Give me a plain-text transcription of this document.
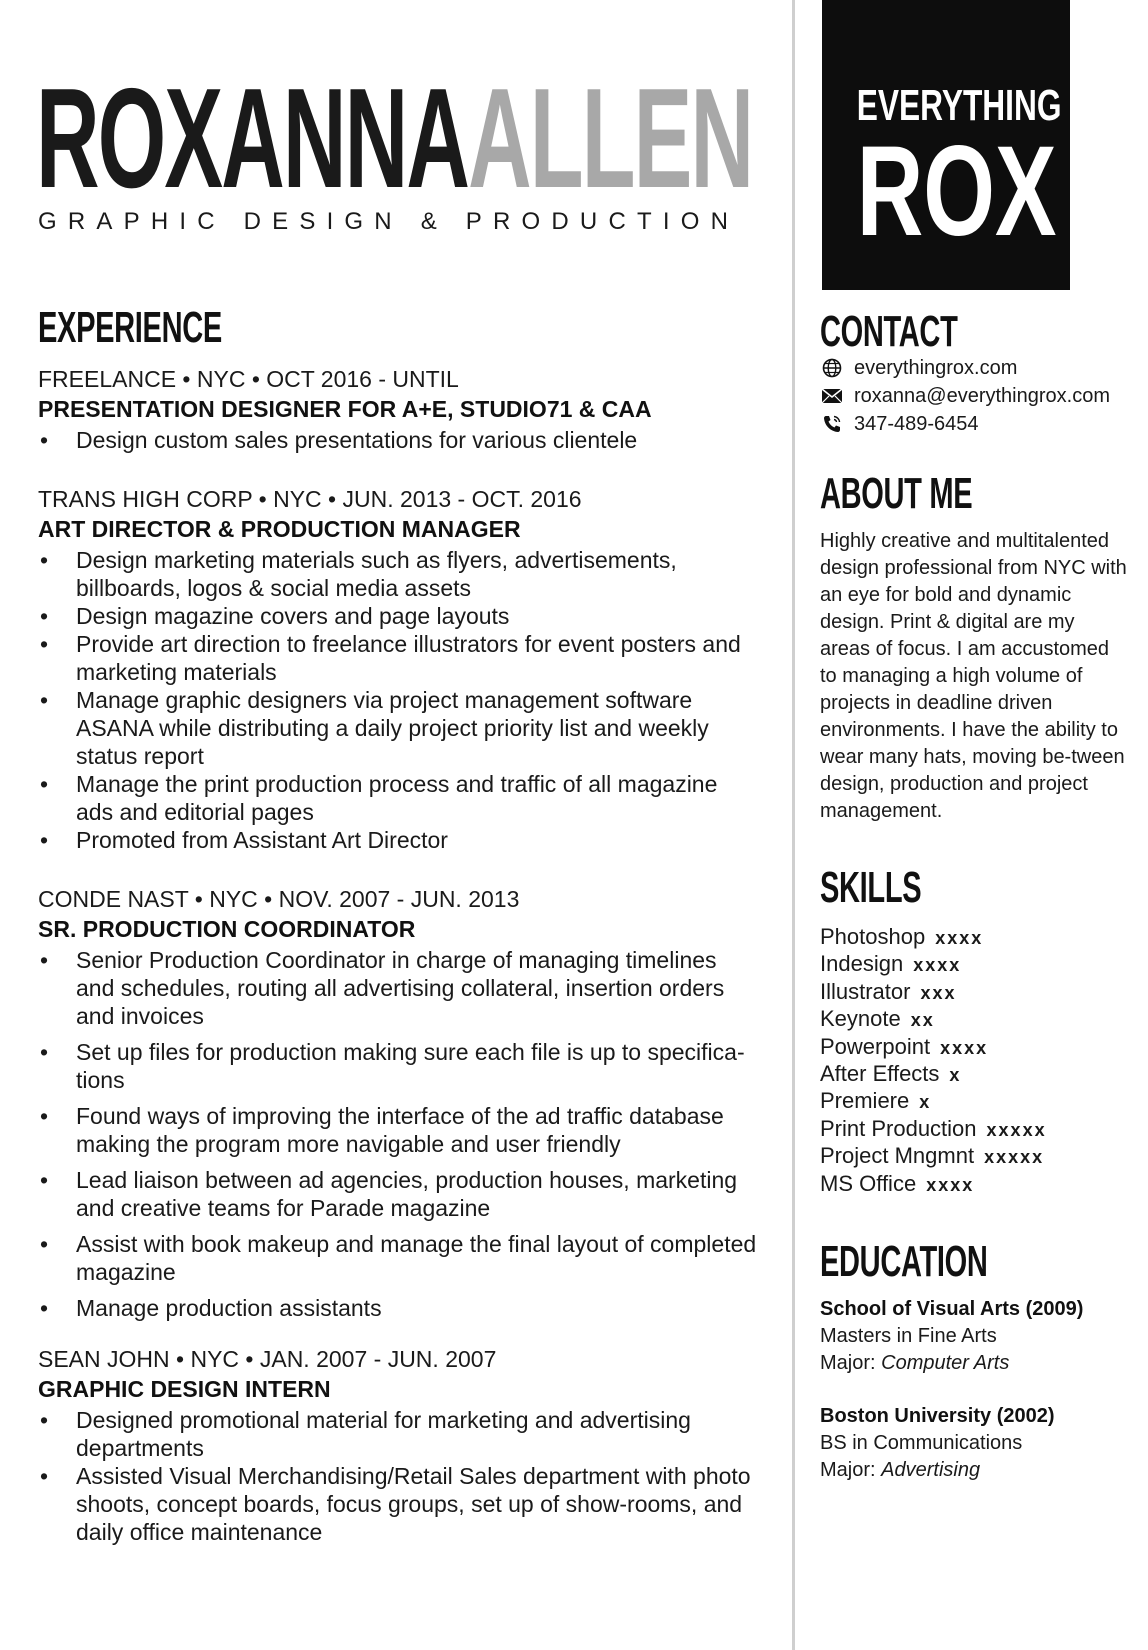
ROXANNAALLEN
GRAPHIC DESIGN & PRODUCTION
EVERYTHING
ROX
EXPERIENCE
FREELANCE • NYC • OCT 2016 - UNTIL
PRESENTATION DESIGNER FOR A+E, STUDIO71 & CAA
• Design custom sales presentations for various clientele
TRANS HIGH CORP • NYC • JUN. 2013 - OCT. 2016
ART DIRECTOR & PRODUCTION MANAGER
• Design marketing materials such as flyers, advertisements, billboards, logos & social media assets
• Design magazine covers and page layouts
• Provide art direction to freelance illustrators for event posters and marketing materials
• Manage graphic designers via project management software ASANA while distributing a daily project priority list and weekly status report
• Manage the print production process and traffic of all magazine ads and editorial pages
• Promoted from Assistant Art Director
CONDE NAST • NYC • NOV. 2007 - JUN. 2013
SR. PRODUCTION COORDINATOR
• Senior Production Coordinator in charge of managing timelines and schedules, routing all advertising collateral, insertion orders and invoices
• Set up files for production making sure each file is up to specifica-tions
• Found ways of improving the interface of the ad traffic database making the program more navigable and user friendly
• Lead liaison between ad agencies, production houses, marketing and creative teams for Parade magazine
• Assist with book makeup and manage the final layout of completed magazine
• Manage production assistants
SEAN JOHN • NYC • JAN. 2007 - JUN. 2007
GRAPHIC DESIGN INTERN
• Designed promotional material for marketing and advertising departments
• Assisted Visual Merchandising/Retail Sales department with photo shoots, concept boards, focus groups, set up of show-rooms, and daily office maintenance
CONTACT
everythingrox.com
roxanna@everythingrox.com
347-489-6454
ABOUT ME
Highly creative and multitalented design professional from NYC with an eye for bold and dynamic design. Print & digital are my areas of focus. I am accustomed to managing a high volume of projects in deadline driven environments. I have the ability to wear many hats, moving be-tween design, production and project management.
SKILLS
Photoshop xxxx
Indesign xxxx
Illustrator xxx
Keynote xx
Powerpoint xxxx
After Effects x
Premiere x
Print Production xxxxx
Project Mngmnt xxxxx
MS Office xxxx
EDUCATION
School of Visual Arts (2009)
Masters in Fine Arts
Major: Computer Arts
Boston University (2002)
BS in Communications
Major: Advertising
